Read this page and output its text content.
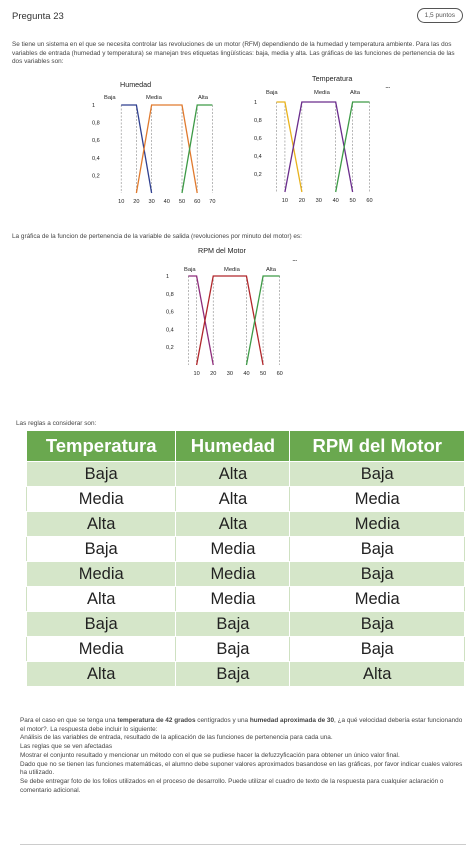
Pregunta 23	1,5 puntos
Se tiene un sistema en el que se necesita controlar las revoluciones de un motor (RFM) dependiendo de la humedad y temperatura ambiente. Para las dos variables de entrada (humedad y temperatura) se manejan tres etiquetas lingüísticas: baja, media y alta. Las gráficas de las funciones de pertenencia de las dos variables son:
Humedad
1
0,8
0,6
0,4
0,2
10 20 30 40 50 60 70
Baja	Media	Alta
Temperatura
1
0,8
0,6
0,4
0,2
10 20 30 40 50 60
Baja	Media	Alta
...
La gráfica de la funcion de pertenencia de la variable de salida (revoluciones por minuto del motor) es:
RPM del Motor
1
0,8
0,6
0,4
0,2
10 20 30 40 50 60
Baja	Media	Alta
...
Las reglas a considerar son:
Temperatura	Humedad	RPM del Motor
Baja	Alta	Baja
Media	Alta	Media
Alta	Alta	Media
Baja	Media	Baja
Media	Media	Baja
Alta	Media	Media
Baja	Baja	Baja
Media	Baja	Baja
Alta	Baja	Alta
Para el caso en que se tenga una temperatura de 42 grados centígrados y una humedad aproximada de 30, ¿a qué velocidad debería estar funcionando el motor?. La respuesta debe incluir lo siguiente:
Análisis de las variables de entrada, resultado de la aplicación de las funciones de pertenencia para cada una.
Las reglas que se ven afectadas
Mostrar el conjunto resultado y mencionar un método con el que se pudiese hacer la defuzzyficación para obtener un único valor final.
Dado que no se tienen las funciones matemáticas, el alumno debe suponer valores aproximados basandose en las gráficas, por favor indicar cuales valores ha utilizado.
Se debe entregar foto de los folios utilizados en el proceso de desarrollo. Puede utilizar el cuadro de texto de la respuesta para cualquier aclaración o comentario adicional.
